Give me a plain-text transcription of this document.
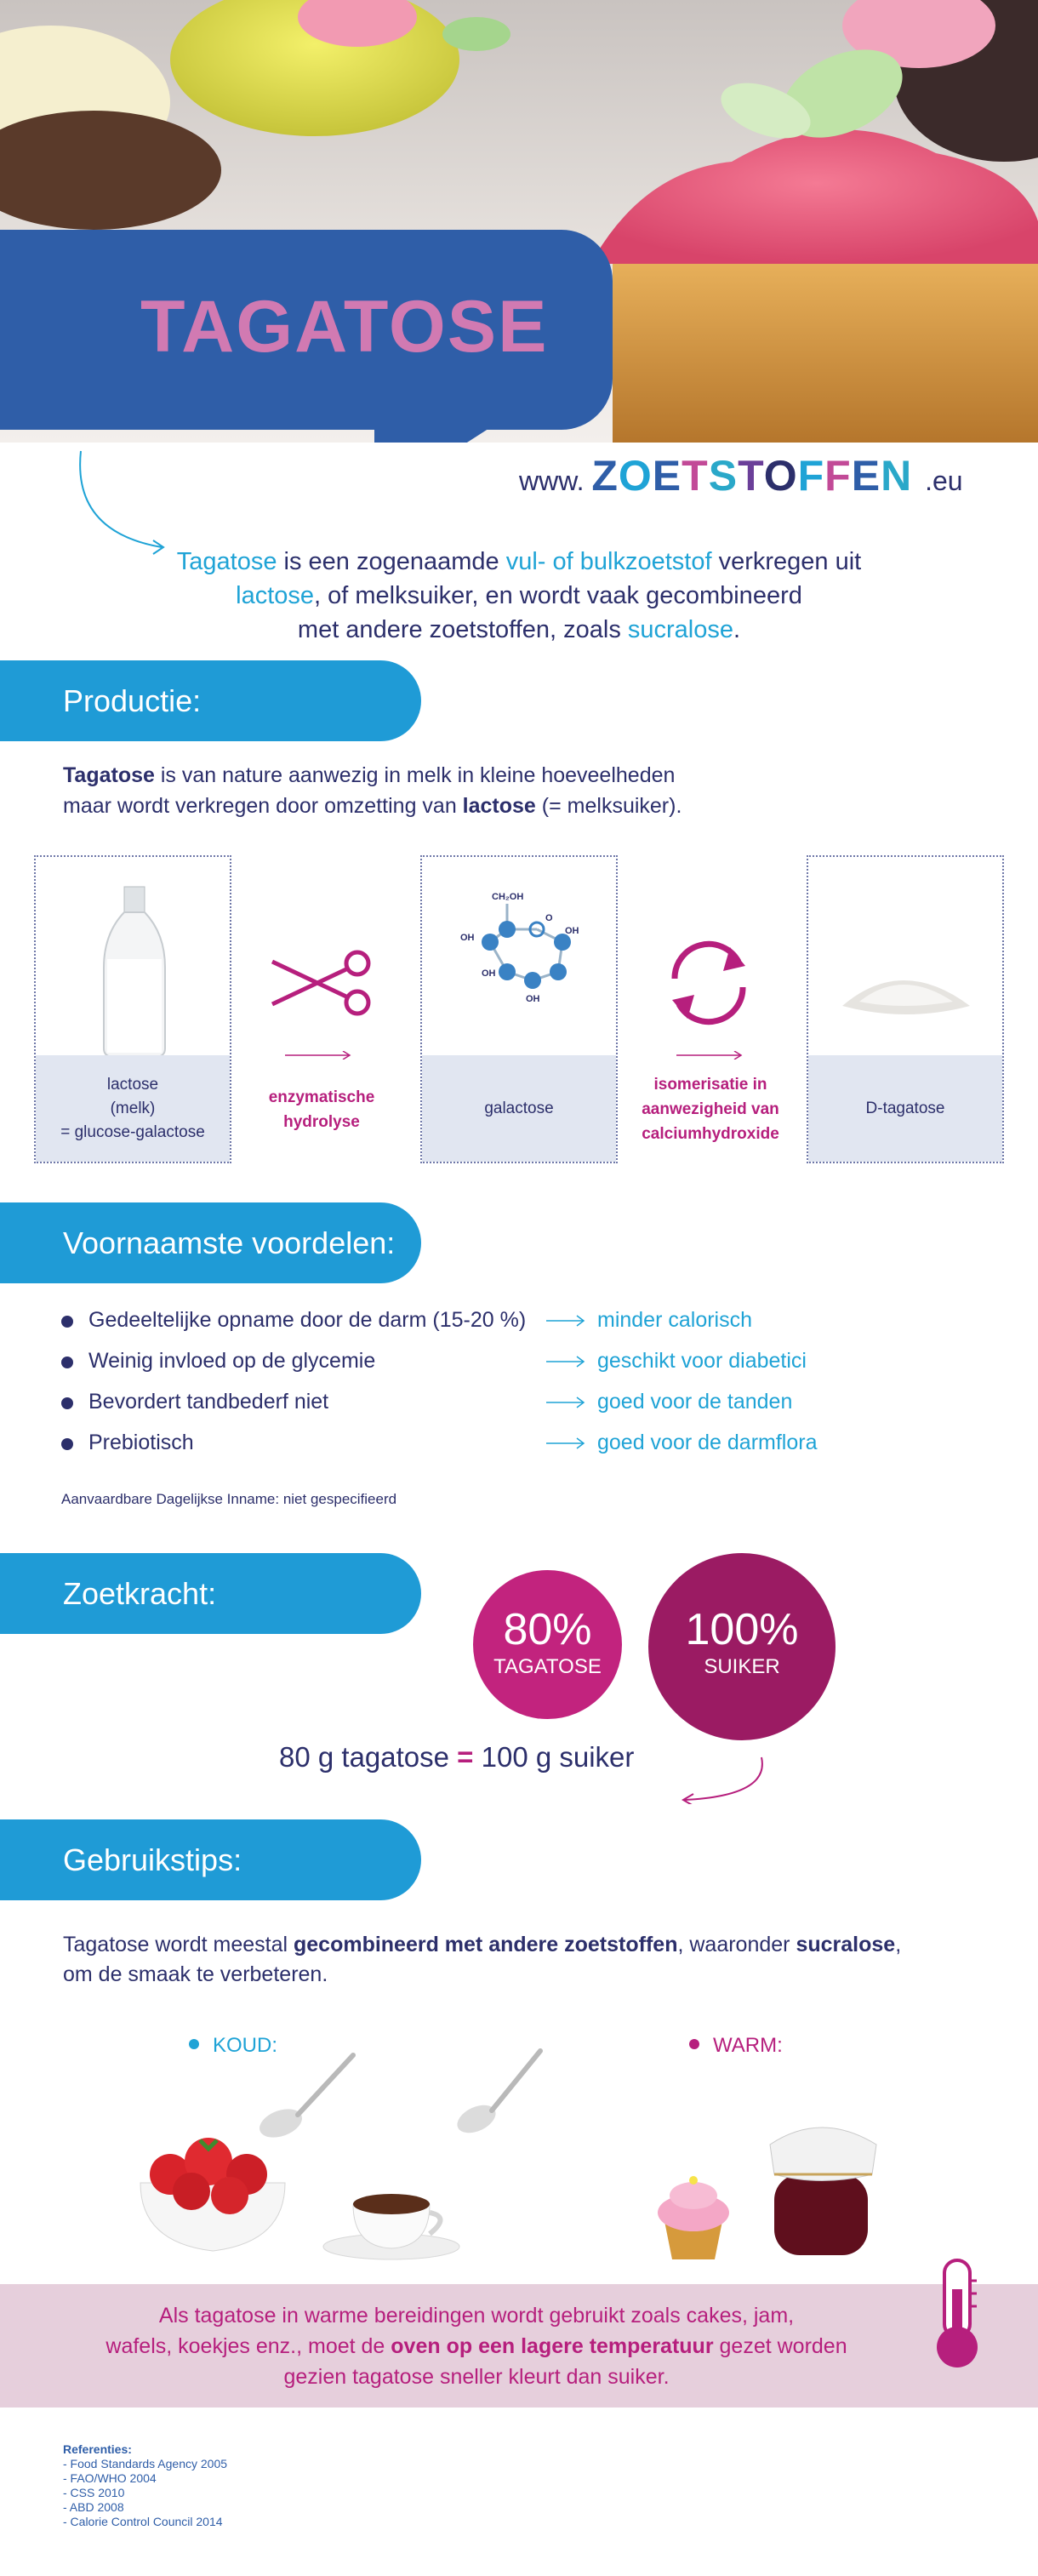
TAGATOSE
www. ZOETSTOFFEN .eu
Tagatose is een zogenaamde vul- of bulkzoetstof verkregen uit
lactose, of melksuiker, en wordt vaak gecombineerd
met andere zoetstoffen, zoals sucralose.
Productie:
Tagatose is van nature aanwezig in melk in kleine hoeveelheden
maar wordt verkregen door omzetting van lactose (= melksuiker).
lactose
(melk)
= glucose-galactose
enzymatische
hydrolyse
CH₂OH
OH
OH
OH
OH
O
galactose
isomerisatie in
aanwezigheid van
calciumhydroxide
D-tagatose
Voornaamste voordelen:
Gedeeltelijke opname door de darm (15-20 %)	minder calorisch
Weinig invloed op de glycemie	geschikt voor diabetici
Bevordert tandbederf niet	goed voor de tanden
Prebiotisch	goed voor de darmflora
Aanvaardbare Dagelijkse Inname: niet gespecifieerd
Zoetkracht:
80%
TAGATOSE
100%
SUIKER
80 g tagatose = 100 g suiker
Gebruikstips:
Tagatose wordt meestal gecombineerd met andere zoetstoffen, waaronder sucralose,
om de smaak te verbeteren.
KOUD:	WARM:
Als tagatose in warme bereidingen wordt gebruikt zoals cakes, jam,
wafels, koekjes enz., moet de oven op een lagere temperatuur gezet worden
gezien tagatose sneller kleurt dan suiker.
Referenties:
- Food Standards Agency 2005
- FAO/WHO 2004
- CSS 2010
- ABD 2008
- Calorie Control Council 2014
